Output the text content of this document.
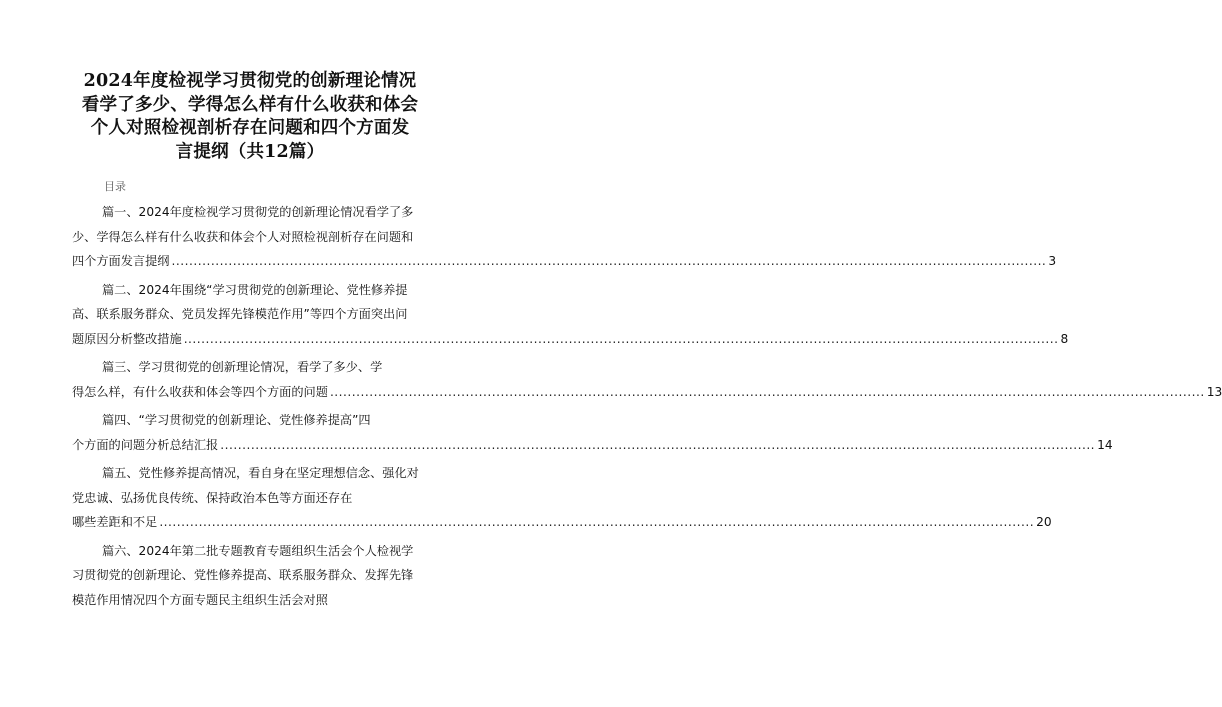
2024年度检视学习贯彻党的创新理论情况
看学了多少、学得怎么样有什么收获和体会
个人对照检视剖析存在问题和四个方面发
言提纲（共12篇）
目录
篇一、2024年度检视学习贯彻党的创新理论情况看学了多
少、学得怎么样有什么收获和体会个人对照检视剖析存在问题和
四个方面发言提纲 ........................................................................................................................................................................................................ 3
篇二、2024年围绕“学习贯彻党的创新理论、党性修养提
高、联系服务群众、党员发挥先锋模范作用”等四个方面突出问
题原因分析整改措施 ........................................................................................................................................................................................................ 8
篇三、学习贯彻党的创新理论情况，看学了多少、学
得怎么样，有什么收获和体会等四个方面的问题 ........................................................................................................................................................................................................ 13
篇四、“学习贯彻党的创新理论、党性修养提高”四
个方面的问题分析总结汇报 ........................................................................................................................................................................................................ 14
篇五、党性修养提高情况，看自身在坚定理想信念、强化对
党忠诚、弘扬优良传统、保持政治本色等方面还存在
哪些差距和不足 ........................................................................................................................................................................................................ 20
篇六、2024年第二批专题教育专题组织生活会个人检视学
习贯彻党的创新理论、党性修养提高、联系服务群众、发挥先锋
模范作用情况四个方面专题民主组织生活会对照
